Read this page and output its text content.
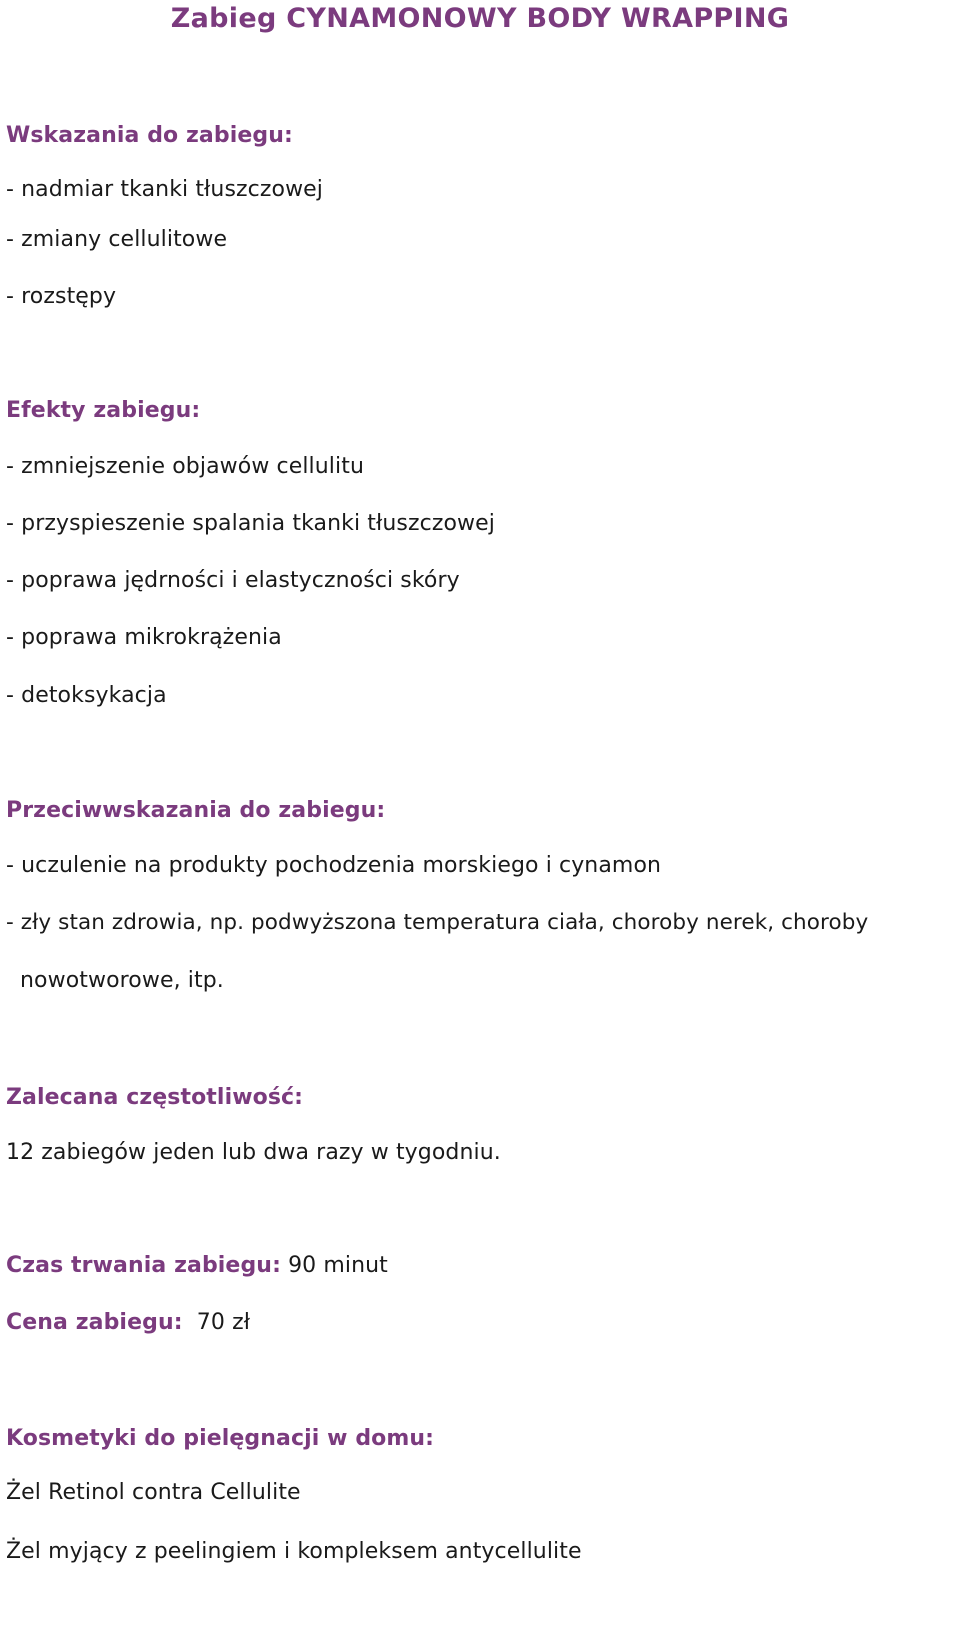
Zabieg CYNAMONOWY BODY WRAPPING

Wskazania do zabiegu:

- nadmiar tkanki tłuszczowej

- zmiany cellulitowe

- rozstępy

Efekty zabiegu:

- zmniejszenie objawów cellulitu

- przyspieszenie spalania tkanki tłuszczowej

- poprawa jędrności i elastyczności skóry

- poprawa mikrokrążenia

- detoksykacja

Przeciwwskazania do zabiegu:

- uczulenie na produkty pochodzenia morskiego i cynamon

- zły stan zdrowia, np. podwyższona temperatura ciała, choroby nerek, choroby

nowotworowe, itp.

Zalecana częstotliwość:

12 zabiegów jeden lub dwa razy w tygodniu.

Czas trwania zabiegu: 90 minut

Cena zabiegu: 70 zł

Kosmetyki do pielęgnacji w domu:

Żel Retinol contra Cellulite

Żel myjący z peelingiem i kompleksem antycellulite
